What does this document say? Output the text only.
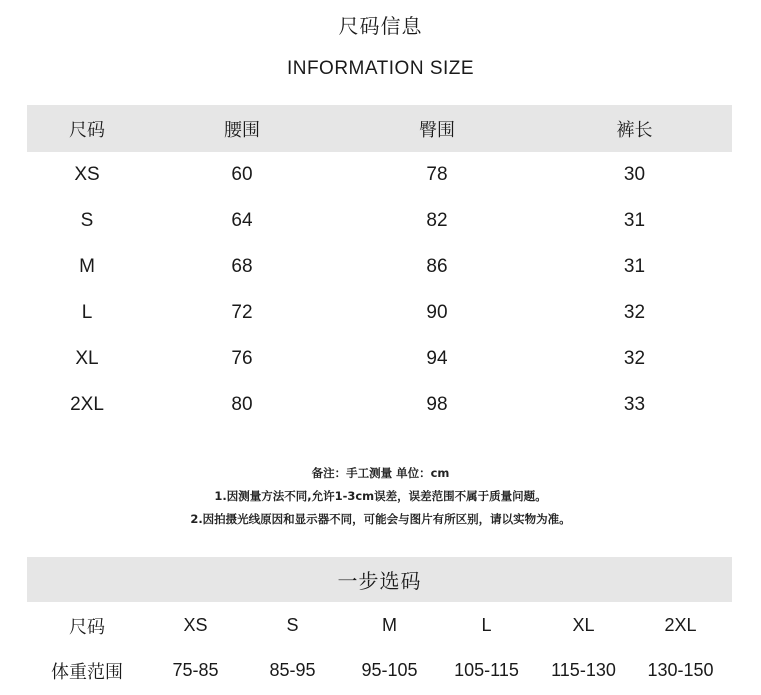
尺码信息
INFORMATION SIZE
尺码	腰围	臀围	裤长
XS	60	78	30
S	64	82	31
M	68	86	31
L	72	90	32
XL	76	94	32
2XL	80	98	33
备注：手工测量 单位：cm
1.因测量方法不同,允许1-3cm误差，误差范围不属于质量问题。
2.因拍摄光线原因和显示器不同，可能会与图片有所区别，请以实物为准。
一步选码
尺码	XS	S	M	L	XL	2XL
体重范围	75-85	85-95	95-105	105-115	115-130	130-150
